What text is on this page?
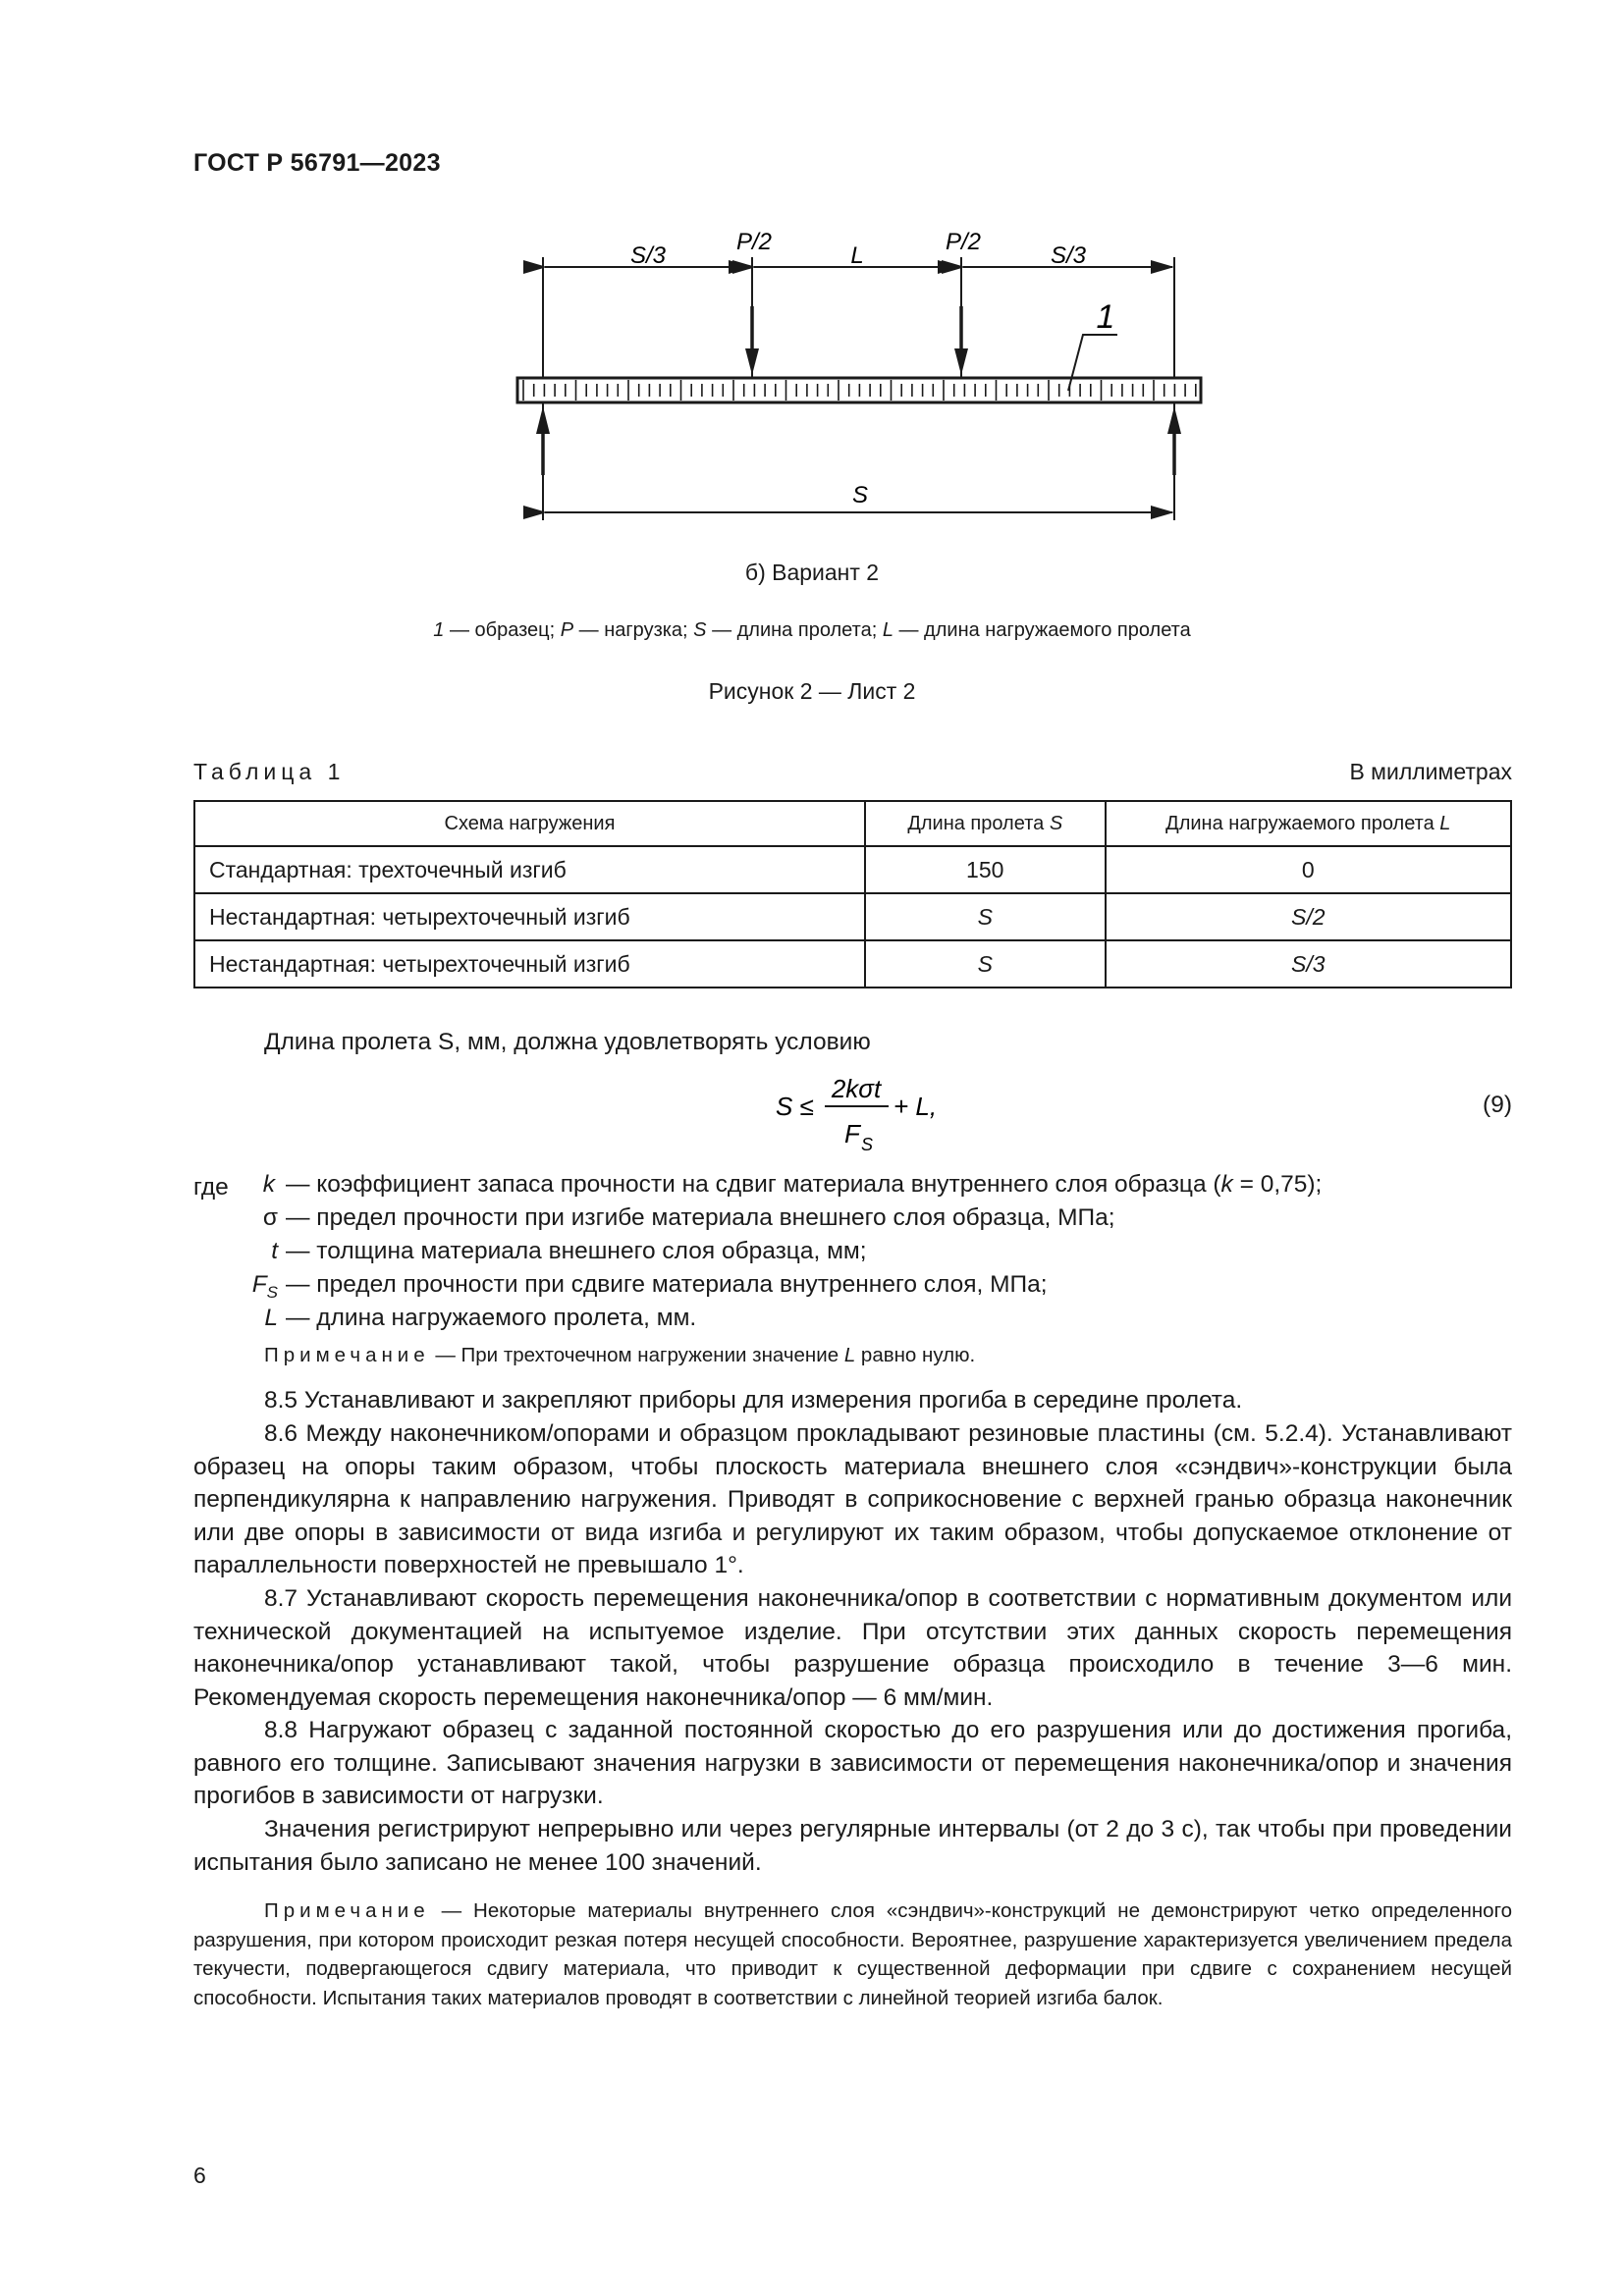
ГОСТ Р 56791—2023
S/3
P/2
L
P/2
S/3
1
S
б) Вариант 2
1 — образец; P — нагрузка; S — длина пролета; L — длина нагружаемого пролета
Рисунок 2 — Лист 2
Таблица 1	В миллиметрах
Схема нагружения	Длина пролета S	Длина нагружаемого пролета L
Стандартная: трехточечный изгиб	150	0
Нестандартная: четырехточечный изгиб	S	S/2
Нестандартная: четырехточечный изгиб	S	S/3
Длина пролета S, мм, должна удовлетворять условию
S ≤
2kσt
F S
+ L,	(9)
где	k — коэффициент запаса прочности на сдвиг материала внутреннего слоя образца (k = 0,75);
σ — предел прочности при изгибе материала внешнего слоя образца, МПа;
t — толщина материала внешнего слоя образца, мм;
$F_S$ — предел прочности при сдвиге материала внутреннего слоя, МПа;
L — длина нагружаемого пролета, мм.
Примечание — При трехточечном нагружении значение L равно нулю.
8.5 Устанавливают и закрепляют приборы для измерения прогиба в середине пролета.
8.6 Между наконечником/опорами и образцом прокладывают резиновые пластины (см. 5.2.4). Устанавливают образец на опоры таким образом, чтобы плоскость материала внешнего слоя «сэндвич»-конструкции была перпендикулярна к направлению нагружения. Приводят в соприкосновение с верхней гранью образца наконечник или две опоры в зависимости от вида изгиба и регулируют их таким образом, чтобы допускаемое отклонение от параллельности поверхностей не превышало 1°.
8.7 Устанавливают скорость перемещения наконечника/опор в соответствии с нормативным документом или технической документацией на испытуемое изделие. При отсутствии этих данных скорость перемещения наконечника/опор устанавливают такой, чтобы разрушение образца происходило в течение 3—6 мин. Рекомендуемая скорость перемещения наконечника/опор — 6 мм/мин.
8.8 Нагружают образец с заданной постоянной скоростью до его разрушения или до достижения прогиба, равного его толщине. Записывают значения нагрузки в зависимости от перемещения наконечника/опор и значения прогибов в зависимости от нагрузки.
Значения регистрируют непрерывно или через регулярные интервалы (от 2 до 3 с), так чтобы при проведении испытания было записано не менее 100 значений.
Примечание — Некоторые материалы внутреннего слоя «сэндвич»-конструкций не демонстрируют четко определенного разрушения, при котором происходит резкая потеря несущей способности. Вероятнее, разрушение характеризуется увеличением предела текучести, подвергающегося сдвигу материала, что приводит к существенной деформации при сдвиге с сохранением несущей способности. Испытания таких материалов проводят в соответствии с линейной теорией изгиба балок.
6
